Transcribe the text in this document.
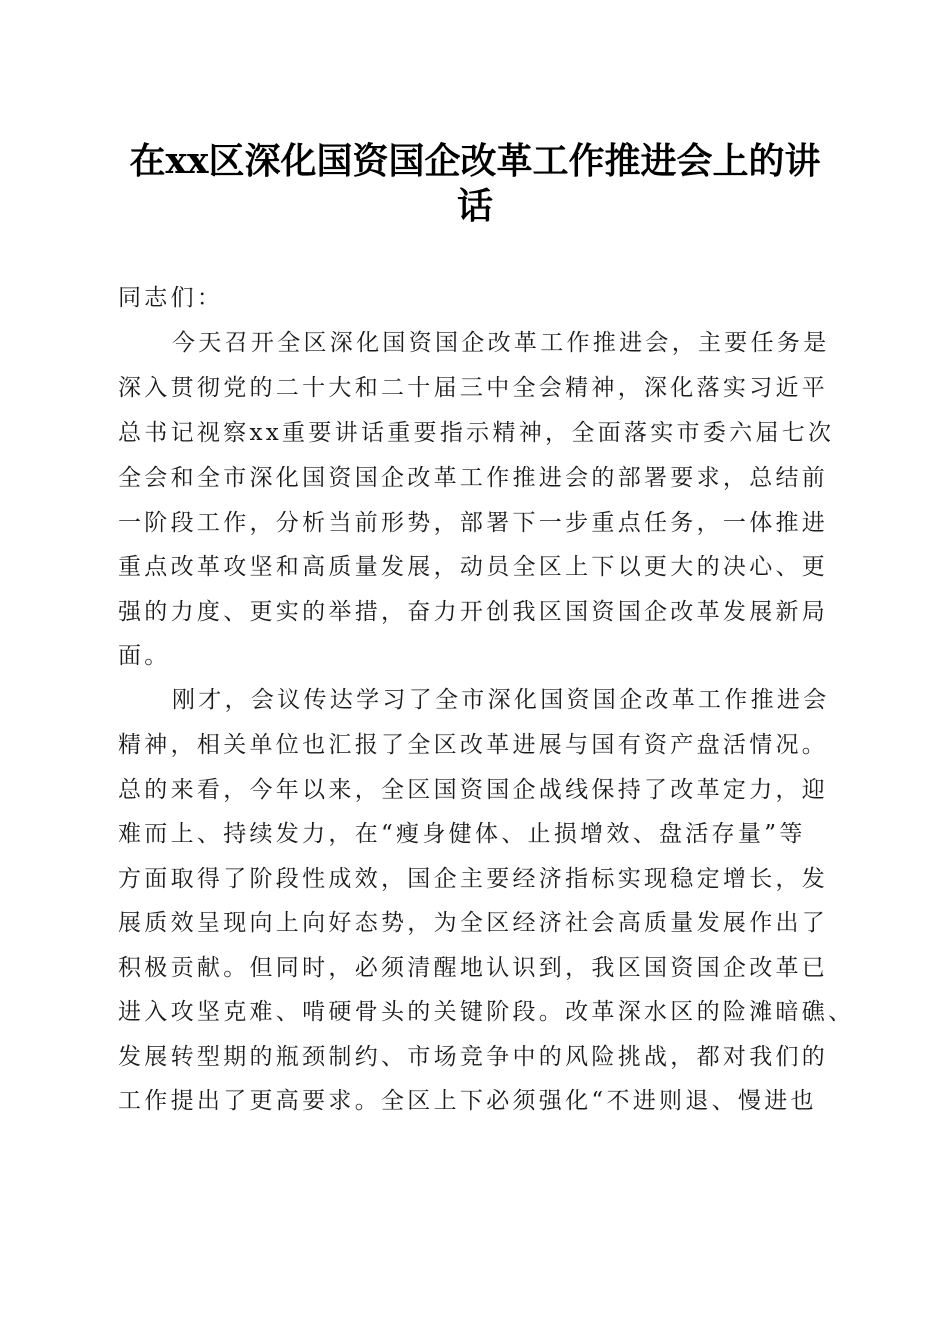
在xx区深化国资国企改革工作推进会上的讲
话
同志们：
今天召开全区深化国资国企改革工作推进会，主要任务是
深入贯彻党的二十大和二十届三中全会精神，深化落实习近平
总书记视察xx重要讲话重要指示精神，全面落实市委六届七次
全会和全市深化国资国企改革工作推进会的部署要求，总结前
一阶段工作，分析当前形势，部署下一步重点任务，一体推进
重点改革攻坚和高质量发展，动员全区上下以更大的决心、更
强的力度、更实的举措，奋力开创我区国资国企改革发展新局
面。
刚才，会议传达学习了全市深化国资国企改革工作推进会
精神，相关单位也汇报了全区改革进展与国有资产盘活情况。
总的来看，今年以来，全区国资国企战线保持了改革定力，迎
难而上、持续发力，在“瘦身健体、止损增效、盘活存量”等
方面取得了阶段性成效，国企主要经济指标实现稳定增长，发
展质效呈现向上向好态势，为全区经济社会高质量发展作出了
积极贡献。但同时，必须清醒地认识到，我区国资国企改革已
进入攻坚克难、啃硬骨头的关键阶段。改革深水区的险滩暗礁、
发展转型期的瓶颈制约、市场竞争中的风险挑战，都对我们的
工作提出了更高要求。全区上下必须强化“不进则退、慢进也
